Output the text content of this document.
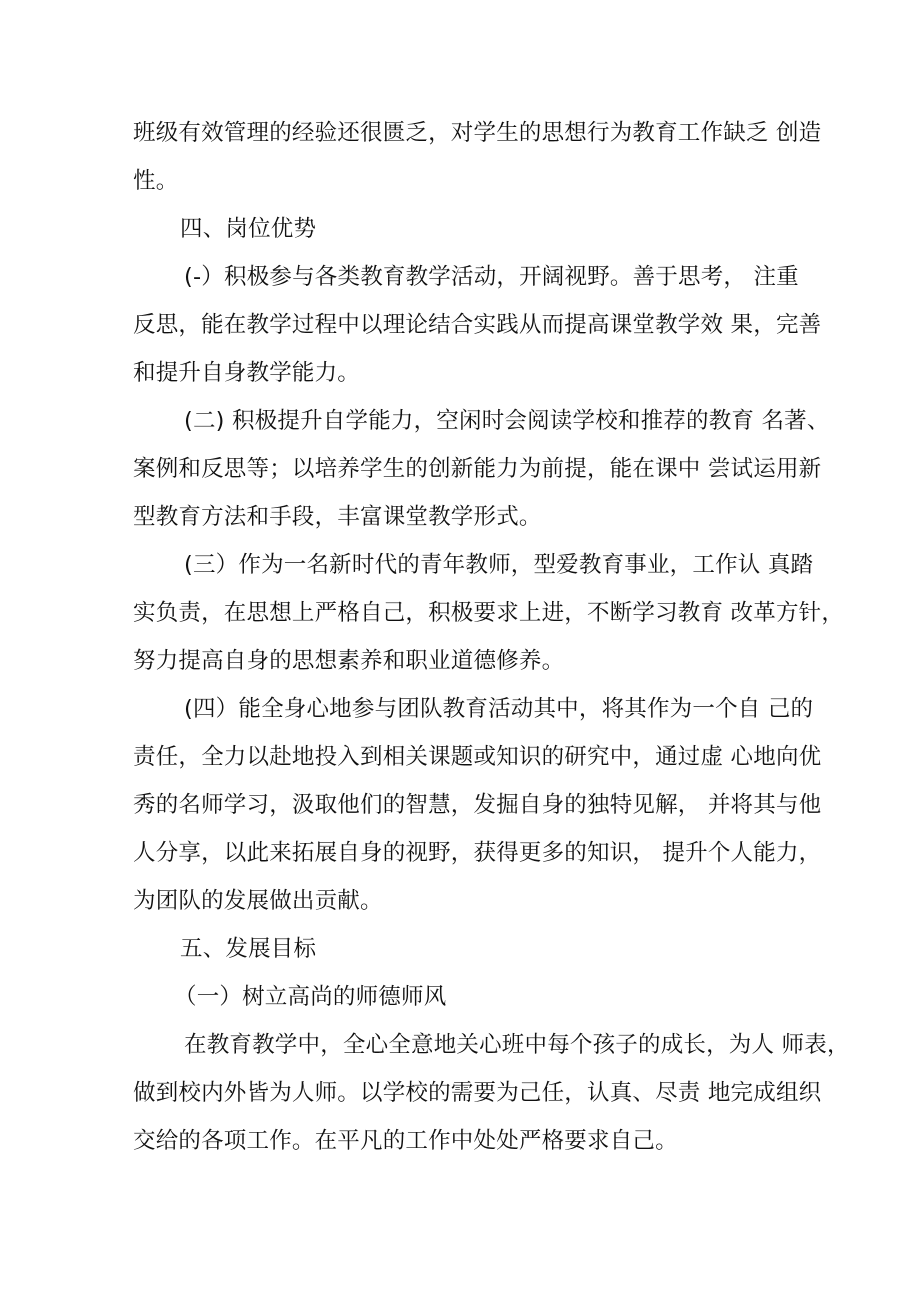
班级有效管理的经验还很匮乏，对学生的思想行为教育工作缺乏 创造
性。
四、岗位优势
(-）积极参与各类教育教学活动，开阔视野。善于思考， 注重
反思，能在教学过程中以理论结合实践从而提高课堂教学效 果，完善
和提升自身教学能力。
(二) 积极提升自学能力，空闲时会阅读学校和推荐的教育 名著、
案例和反思等；以培养学生的创新能力为前提，能在课中 尝试运用新
型教育方法和手段，丰富课堂教学形式。
(三）作为一名新时代的青年教师，型爱教育事业，工作认 真踏
实负责，在思想上严格自己，积极要求上进，不断学习教育 改革方针，
努力提高自身的思想素养和职业道德修养。
(四）能全身心地参与团队教育活动其中，将其作为一个自 己的
责任，全力以赴地投入到相关课题或知识的研究中，通过虚 心地向优
秀的名师学习，汲取他们的智慧，发掘自身的独特见解， 并将其与他
人分享，以此来拓展自身的视野，获得更多的知识， 提升个人能力，
为团队的发展做出贡献。
五、发展目标
（一）树立高尚的师德师风
在教育教学中，全心全意地关心班中每个孩子的成长，为人 师表，
做到校内外皆为人师。以学校的需要为己任，认真、尽责 地完成组织
交给的各项工作。在平凡的工作中处处严格要求自己。
